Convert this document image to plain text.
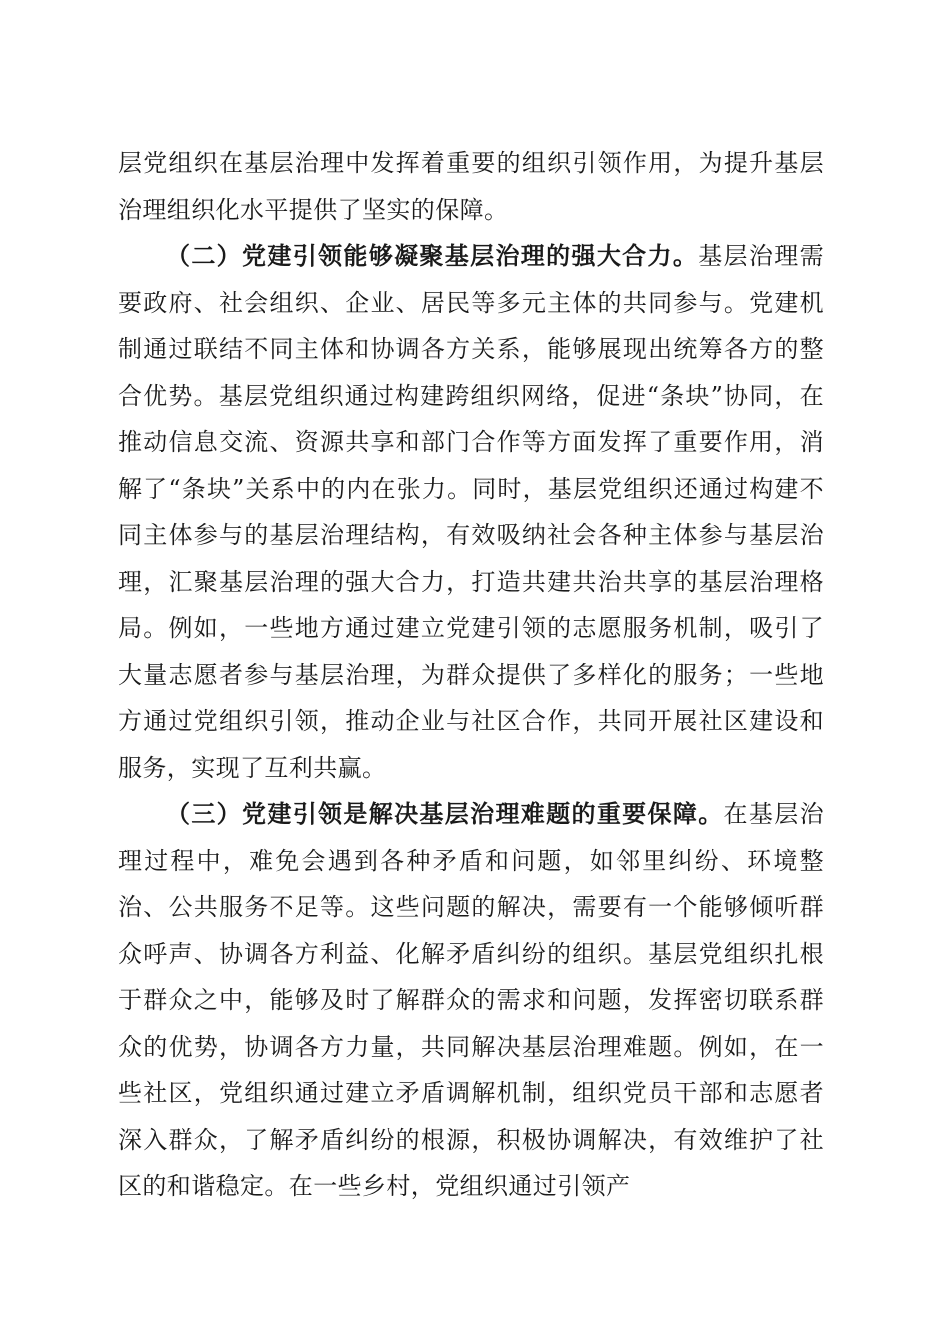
层党组织在基层治理中发挥着重要的组织引领作用，为提升基层治理组织化水平提供了坚实的保障。

（二）党建引领能够凝聚基层治理的强大合力。基层治理需要政府、社会组织、企业、居民等多元主体的共同参与。党建机制通过联结不同主体和协调各方关系，能够展现出统筹各方的整合优势。基层党组织通过构建跨组织网络，促进“条块”协同，在推动信息交流、资源共享和部门合作等方面发挥了重要作用，消解了“条块”关系中的内在张力。同时，基层党组织还通过构建不同主体参与的基层治理结构，有效吸纳社会各种主体参与基层治理，汇聚基层治理的强大合力，打造共建共治共享的基层治理格局。例如，一些地方通过建立党建引领的志愿服务机制，吸引了大量志愿者参与基层治理，为群众提供了多样化的服务；一些地方通过党组织引领，推动企业与社区合作，共同开展社区建设和服务，实现了互利共赢。

（三）党建引领是解决基层治理难题的重要保障。在基层治理过程中，难免会遇到各种矛盾和问题，如邻里纠纷、环境整治、公共服务不足等。这些问题的解决，需要有一个能够倾听群众呼声、协调各方利益、化解矛盾纠纷的组织。基层党组织扎根于群众之中，能够及时了解群众的需求和问题，发挥密切联系群众的优势，协调各方力量，共同解决基层治理难题。例如，在一些社区，党组织通过建立矛盾调解机制，组织党员干部和志愿者深入群众，了解矛盾纠纷的根源，积极协调解决，有效维护了社区的和谐稳定。在一些乡村，党组织通过引领产
